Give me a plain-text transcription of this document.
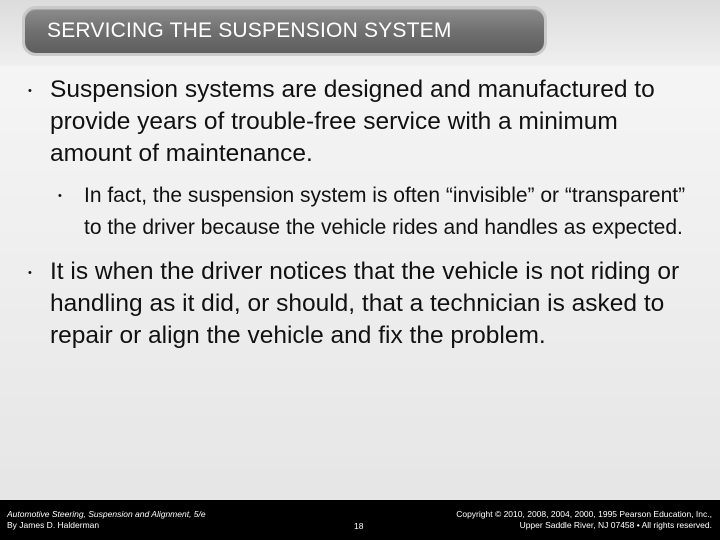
SERVICING THE SUSPENSION SYSTEM
• Suspension systems are designed and manufactured to provide years of trouble-free service with a minimum amount of maintenance.
• In fact, the suspension system is often “invisible” or “transparent” to the driver because the vehicle rides and handles as expected.
• It is when the driver notices that the vehicle is not riding or handling as it did, or should, that a technician is asked to repair or align the vehicle and fix the problem.
Automotive Steering, Suspension and Alignment, 5/e
By James D. Halderman	18
Copyright © 2010, 2008, 2004, 2000, 1995 Pearson Education, Inc.,
Upper Saddle River, NJ 07458 • All rights reserved.
